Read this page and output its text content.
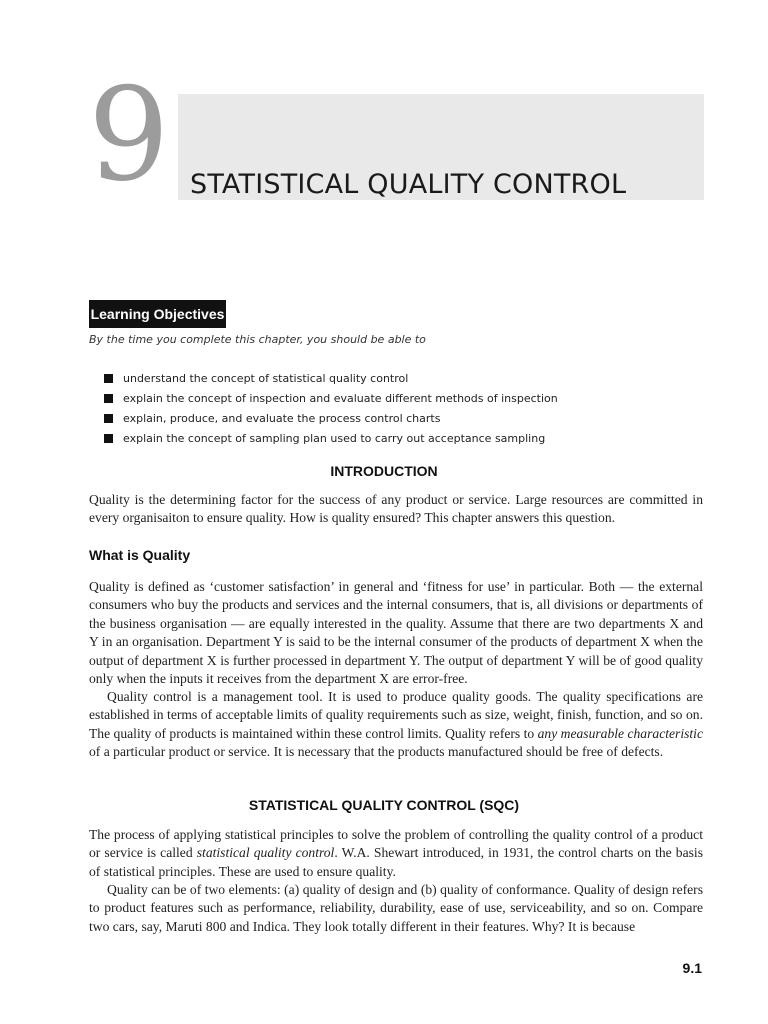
9 STATISTICAL QUALITY CONTROL
Learning Objectives

By the time you complete this chapter, you should be able to

understand the concept of statistical quality control
explain the concept of inspection and evaluate different methods of inspection
explain, produce, and evaluate the process control charts
explain the concept of sampling plan used to carry out acceptance sampling
INTRODUCTION

Quality is the determining factor for the success of any product or service. Large resources are committed in every organisaiton to ensure quality. How is quality ensured? This chapter answers this question.

What is Quality

Quality is defined as ‘customer satisfaction’ in general and ‘fitness for use’ in particular. Both — the external consumers who buy the products and services and the internal consumers, that is, all divisions or departments of the business organisation — are equally interested in the quality. Assume that there are two departments X and Y in an organisation. Department Y is said to be the internal consumer of the products of department X when the output of department X is further processed in department Y. The output of department Y will be of good quality only when the inputs it receives from the department X are error-free.

Quality control is a management tool. It is used to produce quality goods. The quality specifications are established in terms of acceptable limits of quality requirements such as size, weight, finish, function, and so on. The quality of products is maintained within these control limits. Quality refers to any measurable characteristic of a particular product or service. It is necessary that the products manufactured should be free of defects.

STATISTICAL QUALITY CONTROL (SQC)

The process of applying statistical principles to solve the problem of controlling the quality control of a product or service is called statistical quality control. W.A. Shewart introduced, in 1931, the control charts on the basis of statistical principles. These are used to ensure quality.

Quality can be of two elements: (a) quality of design and (b) quality of conformance. Quality of design refers to product features such as performance, reliability, durability, ease of use, serviceability, and so on. Compare two cars, say, Maruti 800 and Indica. They look totally different in their features. Why? It is because

9.1
